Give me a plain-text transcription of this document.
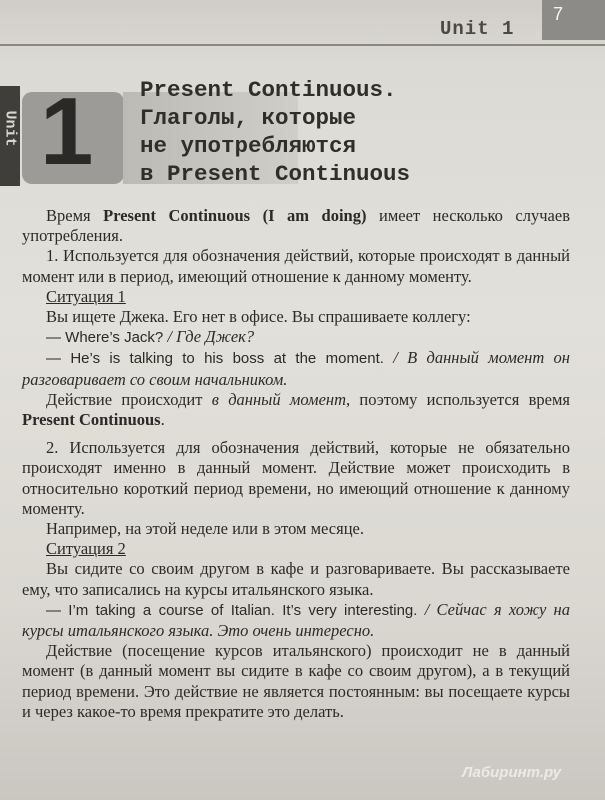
7
Unit 1
Unit 1 Present Continuous.
Глаголы, которые
не употребляются
в Present Continuous

Время Present Continuous (I am doing) имеет несколько случаев употребления.

1. Используется для обозначения действий, которые происходят в данный момент или в период, имеющий отношение к данному моменту.

Ситуация 1

Вы ищете Джека. Его нет в офисе. Вы спрашиваете коллегу:

— Where’s Jack? / Где Джек?

— He’s is talking to his boss at the moment. / В данный момент он разговаривает со своим начальником.

Действие происходит в данный момент, поэтому используется время Present Continuous.

2. Используется для обозначения действий, которые не обязательно происходят именно в данный момент. Действие может происходить в относительно короткий период времени, но имеющий отношение к данному моменту.

Например, на этой неделе или в этом месяце.

Ситуация 2

Вы сидите со своим другом в кафе и разговариваете. Вы рассказываете ему, что записались на курсы итальянского языка.

— I’m taking a course of Italian. It’s very interesting. / Сейчас я хожу на курсы итальянского языка. Это очень интересно.

Действие (посещение курсов итальянского) происходит не в данный момент (в данный момент вы сидите в кафе со своим другом), а в текущий период времени. Это действие не является постоянным: вы посещаете курсы и через какое-то время прекратите это делать.

Лабиринт.ру
